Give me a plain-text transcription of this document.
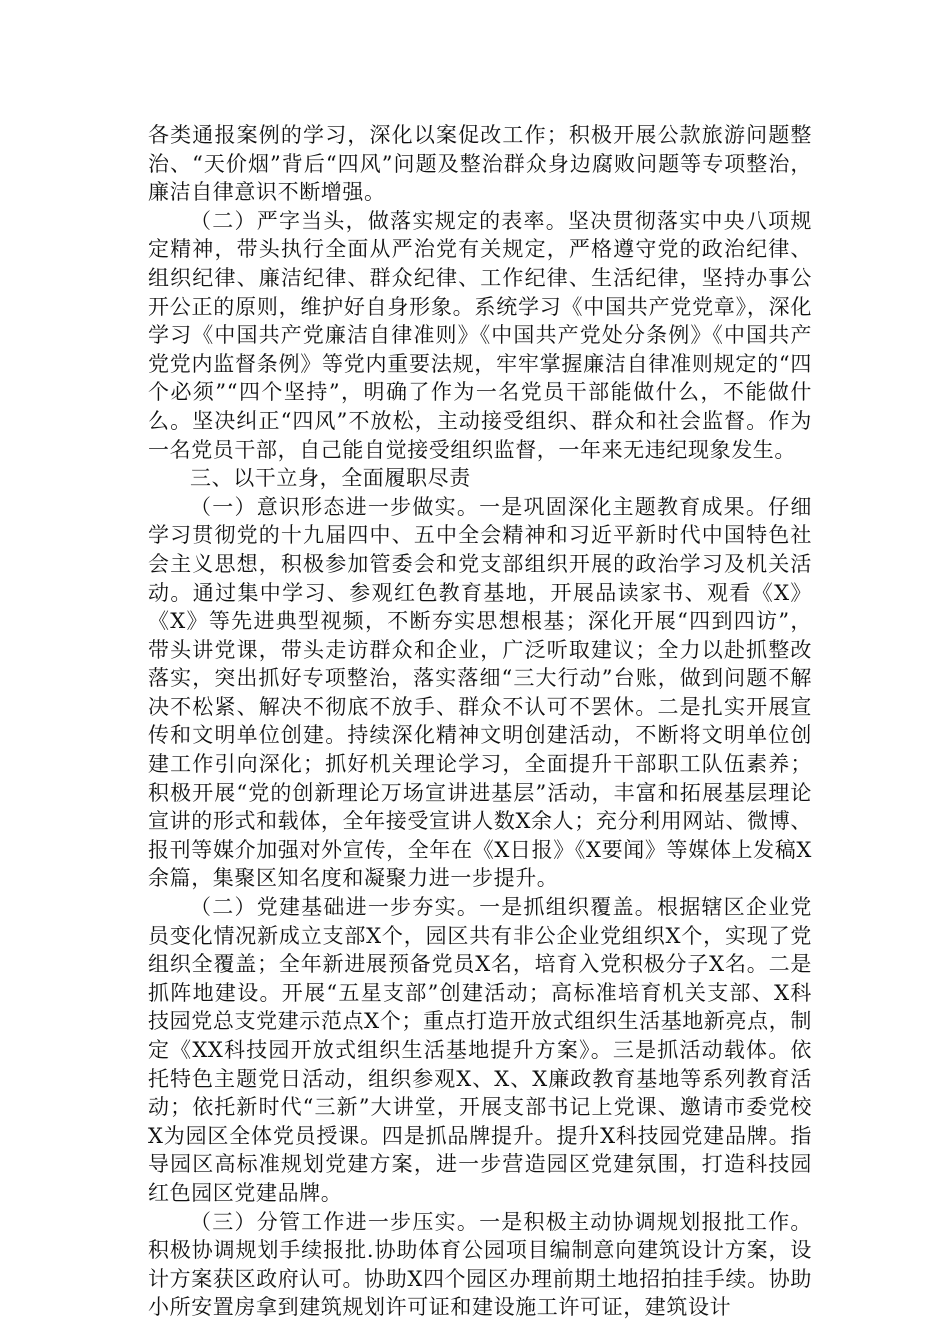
各类通报案例的学习，深化以案促改工作；积极开展公款旅游问题整治、“天价烟”背后“四风”问题及整治群众身边腐败问题等专项整治，廉洁自律意识不断增强。

（二）严字当头，做落实规定的表率。坚决贯彻落实中央八项规定精神，带头执行全面从严治党有关规定，严格遵守党的政治纪律、组织纪律、廉洁纪律、群众纪律、工作纪律、生活纪律，坚持办事公开公正的原则，维护好自身形象。系统学习《中国共产党党章》，深化学习《中国共产党廉洁自律准则》《中国共产党处分条例》《中国共产党党内监督条例》等党内重要法规，牢牢掌握廉洁自律准则规定的“四个必须”“四个坚持”，明确了作为一名党员干部能做什么，不能做什么。坚决纠正“四风”不放松，主动接受组织、群众和社会监督。作为一名党员干部，自己能自觉接受组织监督，一年来无违纪现象发生。

三、以干立身，全面履职尽责

（一）意识形态进一步做实。一是巩固深化主题教育成果。仔细学习贯彻党的十九届四中、五中全会精神和习近平新时代中国特色社会主义思想，积极参加管委会和党支部组织开展的政治学习及机关活动。通过集中学习、参观红色教育基地，开展品读家书、观看《X》《X》等先进典型视频，不断夯实思想根基；深化开展“四到四访”，带头讲党课，带头走访群众和企业，广泛听取建议；全力以赴抓整改落实，突出抓好专项整治，落实落细“三大行动”台账，做到问题不解决不松紧、解决不彻底不放手、群众不认可不罢休。二是扎实开展宣传和文明单位创建。持续深化精神文明创建活动，不断将文明单位创建工作引向深化；抓好机关理论学习，全面提升干部职工队伍素养；积极开展“党的创新理论万场宣讲进基层”活动，丰富和拓展基层理论宣讲的形式和载体，全年接受宣讲人数X余人；充分利用网站、微博、报刊等媒介加强对外宣传，全年在《X日报》《X要闻》等媒体上发稿X余篇，集聚区知名度和凝聚力进一步提升。

（二）党建基础进一步夯实。一是抓组织覆盖。根据辖区企业党员变化情况新成立支部X个，园区共有非公企业党组织X个，实现了党组织全覆盖；全年新进展预备党员X名，培育入党积极分子X名。二是抓阵地建设。开展“五星支部”创建活动；高标准培育机关支部、X科技园党总支党建示范点X个；重点打造开放式组织生活基地新亮点，制定《XX科技园开放式组织生活基地提升方案》。三是抓活动载体。依托特色主题党日活动，组织参观X、X、X廉政教育基地等系列教育活动；依托新时代“三新”大讲堂，开展支部书记上党课、邀请市委党校X为园区全体党员授课。四是抓品牌提升。提升X科技园党建品牌。指导园区高标准规划党建方案，进一步营造园区党建氛围，打造科技园红色园区党建品牌。

（三）分管工作进一步压实。一是积极主动协调规划报批工作。积极协调规划手续报批.协助体育公园项目编制意向建筑设计方案，设计方案获区政府认可。协助X四个园区办理前期土地招拍挂手续。协助小所安置房拿到建筑规划许可证和建设施工许可证，建筑设计
